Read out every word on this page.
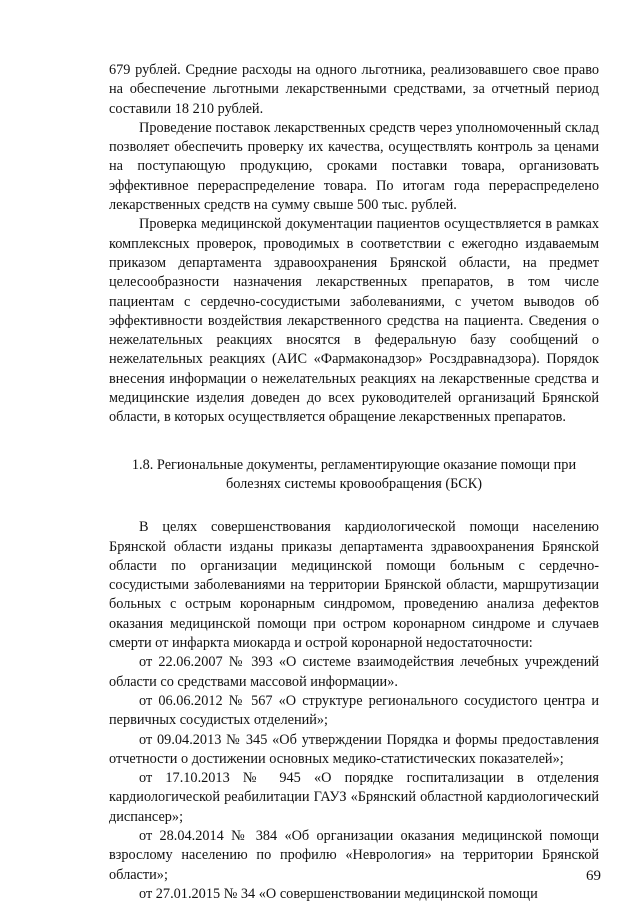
679 рублей. Средние расходы на одного льготника, реализовавшего свое право на обеспечение льготными лекарственными средствами, за отчетный период составили 18 210 рублей.

Проведение поставок лекарственных средств через уполномоченный склад позволяет обеспечить проверку их качества, осуществлять контроль за ценами на поступающую продукцию, сроками поставки товара, организовать эффективное перераспределение товара. По итогам года перераспределено лекарственных средств на сумму свыше 500 тыс. рублей.

Проверка медицинской документации пациентов осуществляется в рамках комплексных проверок, проводимых в соответствии с ежегодно издаваемым приказом департамента здравоохранения Брянской области, на предмет целесообразности назначения лекарственных препаратов, в том числе пациентам с сердечно-сосудистыми заболеваниями, с учетом выводов об эффективности воздействия лекарственного средства на пациента. Сведения о нежелательных реакциях вносятся в федеральную базу сообщений о нежелательных реакциях (АИС «Фармаконадзор» Росздравнадзора). Порядок внесения информации о нежелательных реакциях на лекарственные средства и медицинские изделия доведен до всех руководителей организаций Брянской области, в которых осуществляется обращение лекарственных препаратов.

1.8. Региональные документы, регламентирующие оказание помощи при болезнях системы кровообращения (БСК)

В целях совершенствования кардиологической помощи населению Брянской области изданы приказы департамента здравоохранения Брянской области по организации медицинской помощи больным с сердечно-сосудистыми заболеваниями на территории Брянской области, маршрутизации больных с острым коронарным синдромом, проведению анализа дефектов оказания медицинской помощи при остром коронарном синдроме и случаев смерти от инфаркта миокарда и острой коронарной недостаточности:

от 22.06.2007 № 393 «О системе взаимодействия лечебных учреждений области со средствами массовой информации».

от 06.06.2012 № 567 «О структуре регионального сосудистого центра и первичных сосудистых отделений»;

от 09.04.2013 № 345 «Об утверждении Порядка и формы предоставления отчетности о достижении основных медико-статистических показателей»;

от 17.10.2013 № 945 «О порядке госпитализации в отделения кардиологической реабилитации ГАУЗ «Брянский областной кардиологический диспансер»;

от 28.04.2014 № 384 «Об организации оказания медицинской помощи взрослому населению по профилю «Неврология» на территории Брянской области»;

от 27.01.2015 № 34 «О совершенствовании медицинской помощи

69
